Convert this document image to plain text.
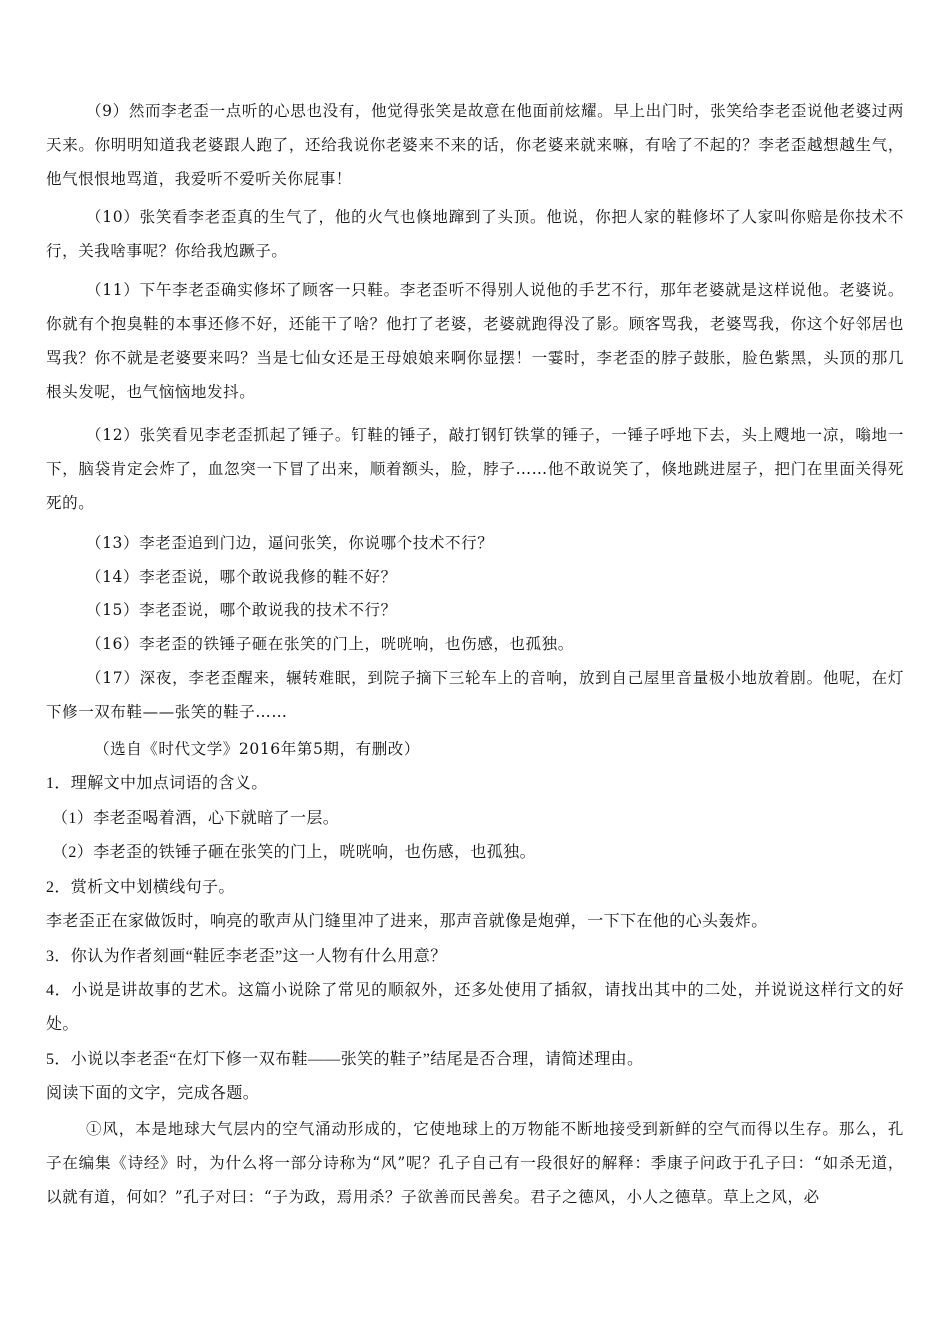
（9）然而李老歪一点听的心思也没有，他觉得张笑是故意在他面前炫耀。早上出门时，张笑给李老歪说他老婆过两天来。你明明知道我老婆跟人跑了，还给我说你老婆来不来的话，你老婆来就来嘛，有啥了不起的？李老歪越想越生气，他气恨恨地骂道，我爱听不爱听关你屁事！

（10）张笑看李老歪真的生气了，他的火气也倏地蹿到了头顶。他说，你把人家的鞋修坏了人家叫你赔是你技术不行，关我啥事呢？你给我尥蹶子。

（11）下午李老歪确实修坏了顾客一只鞋。李老歪听不得别人说他的手艺不行，那年老婆就是这样说他。老婆说。你就有个抱臭鞋的本事还修不好，还能干了啥？他打了老婆，老婆就跑得没了影。顾客骂我，老婆骂我，你这个好邻居也骂我？你不就是老婆要来吗？当是七仙女还是王母娘娘来啊你显摆！一霎时，李老歪的脖子鼓胀，脸色紫黑，头顶的那几根头发呢，也气恼恼地发抖。

（12）张笑看见李老歪抓起了锤子。钉鞋的锤子，敲打钢钉铁掌的锤子，一锤子呼地下去，头上飕地一凉，嗡地一下，脑袋肯定会炸了，血忽突一下冒了出来，顺着额头，脸，脖子……他不敢说笑了，倏地跳进屋子，把门在里面关得死死的。

（13）李老歪追到门边，逼问张笑，你说哪个技术不行？

（14）李老歪说，哪个敢说我修的鞋不好？

（15）李老歪说，哪个敢说我的技术不行？

（16）李老歪的铁锤子砸在张笑的门上，咣咣响，也伤感，也孤独。

（17）深夜，李老歪醒来，辗转难眠，到院子摘下三轮车上的音响，放到自己屋里音量极小地放着剧。他呢，在灯下修一双布鞋——张笑的鞋子……

（选自《时代文学》2016年第5期，有删改）

1．理解文中加点词语的含义。

（1）李老歪喝着酒，心下就暗了一层。

（2）李老歪的铁锤子砸在张笑的门上，咣咣响，也伤感，也孤独。

2．赏析文中划横线句子。

李老歪正在家做饭时，响亮的歌声从门缝里冲了进来，那声音就像是炮弹，一下下在他的心头轰炸。

3．你认为作者刻画“鞋匠李老歪”这一人物有什么用意？

4．小说是讲故事的艺术。这篇小说除了常见的顺叙外，还多处使用了插叙，请找出其中的二处，并说说这样行文的好处。

5．小说以李老歪“在灯下修一双布鞋——张笑的鞋子”结尾是否合理，请简述理由。

阅读下面的文字，完成各题。

①风，本是地球大气层内的空气涌动形成的，它使地球上的万物能不断地接受到新鲜的空气而得以生存。那么，孔子在编集《诗经》时，为什么将一部分诗称为“风”呢？孔子自己有一段很好的解释：季康子问政于孔子曰：“如杀无道，以就有道，何如？”孔子对曰：“子为政，焉用杀？子欲善而民善矣。君子之德风，小人之德草。草上之风，必
